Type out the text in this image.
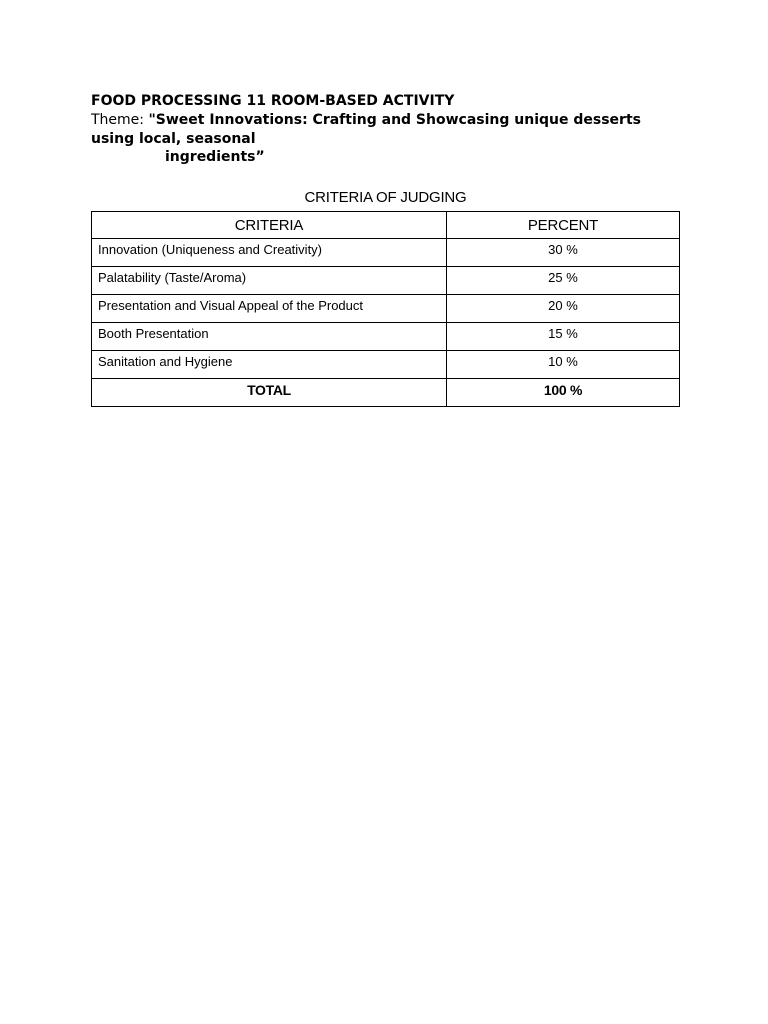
FOOD PROCESSING 11 ROOM-BASED ACTIVITY
Theme: "Sweet Innovations: Crafting and Showcasing unique desserts
using local, seasonal
ingredients”
CRITERIA OF JUDGING
CRITERIA	PERCENT
Innovation (Uniqueness and Creativity)	30 %
Palatability (Taste/Aroma)	25 %
Presentation and Visual Appeal of the Product	20 %
Booth Presentation	15 %
Sanitation and Hygiene	10 %
TOTAL	100 %
